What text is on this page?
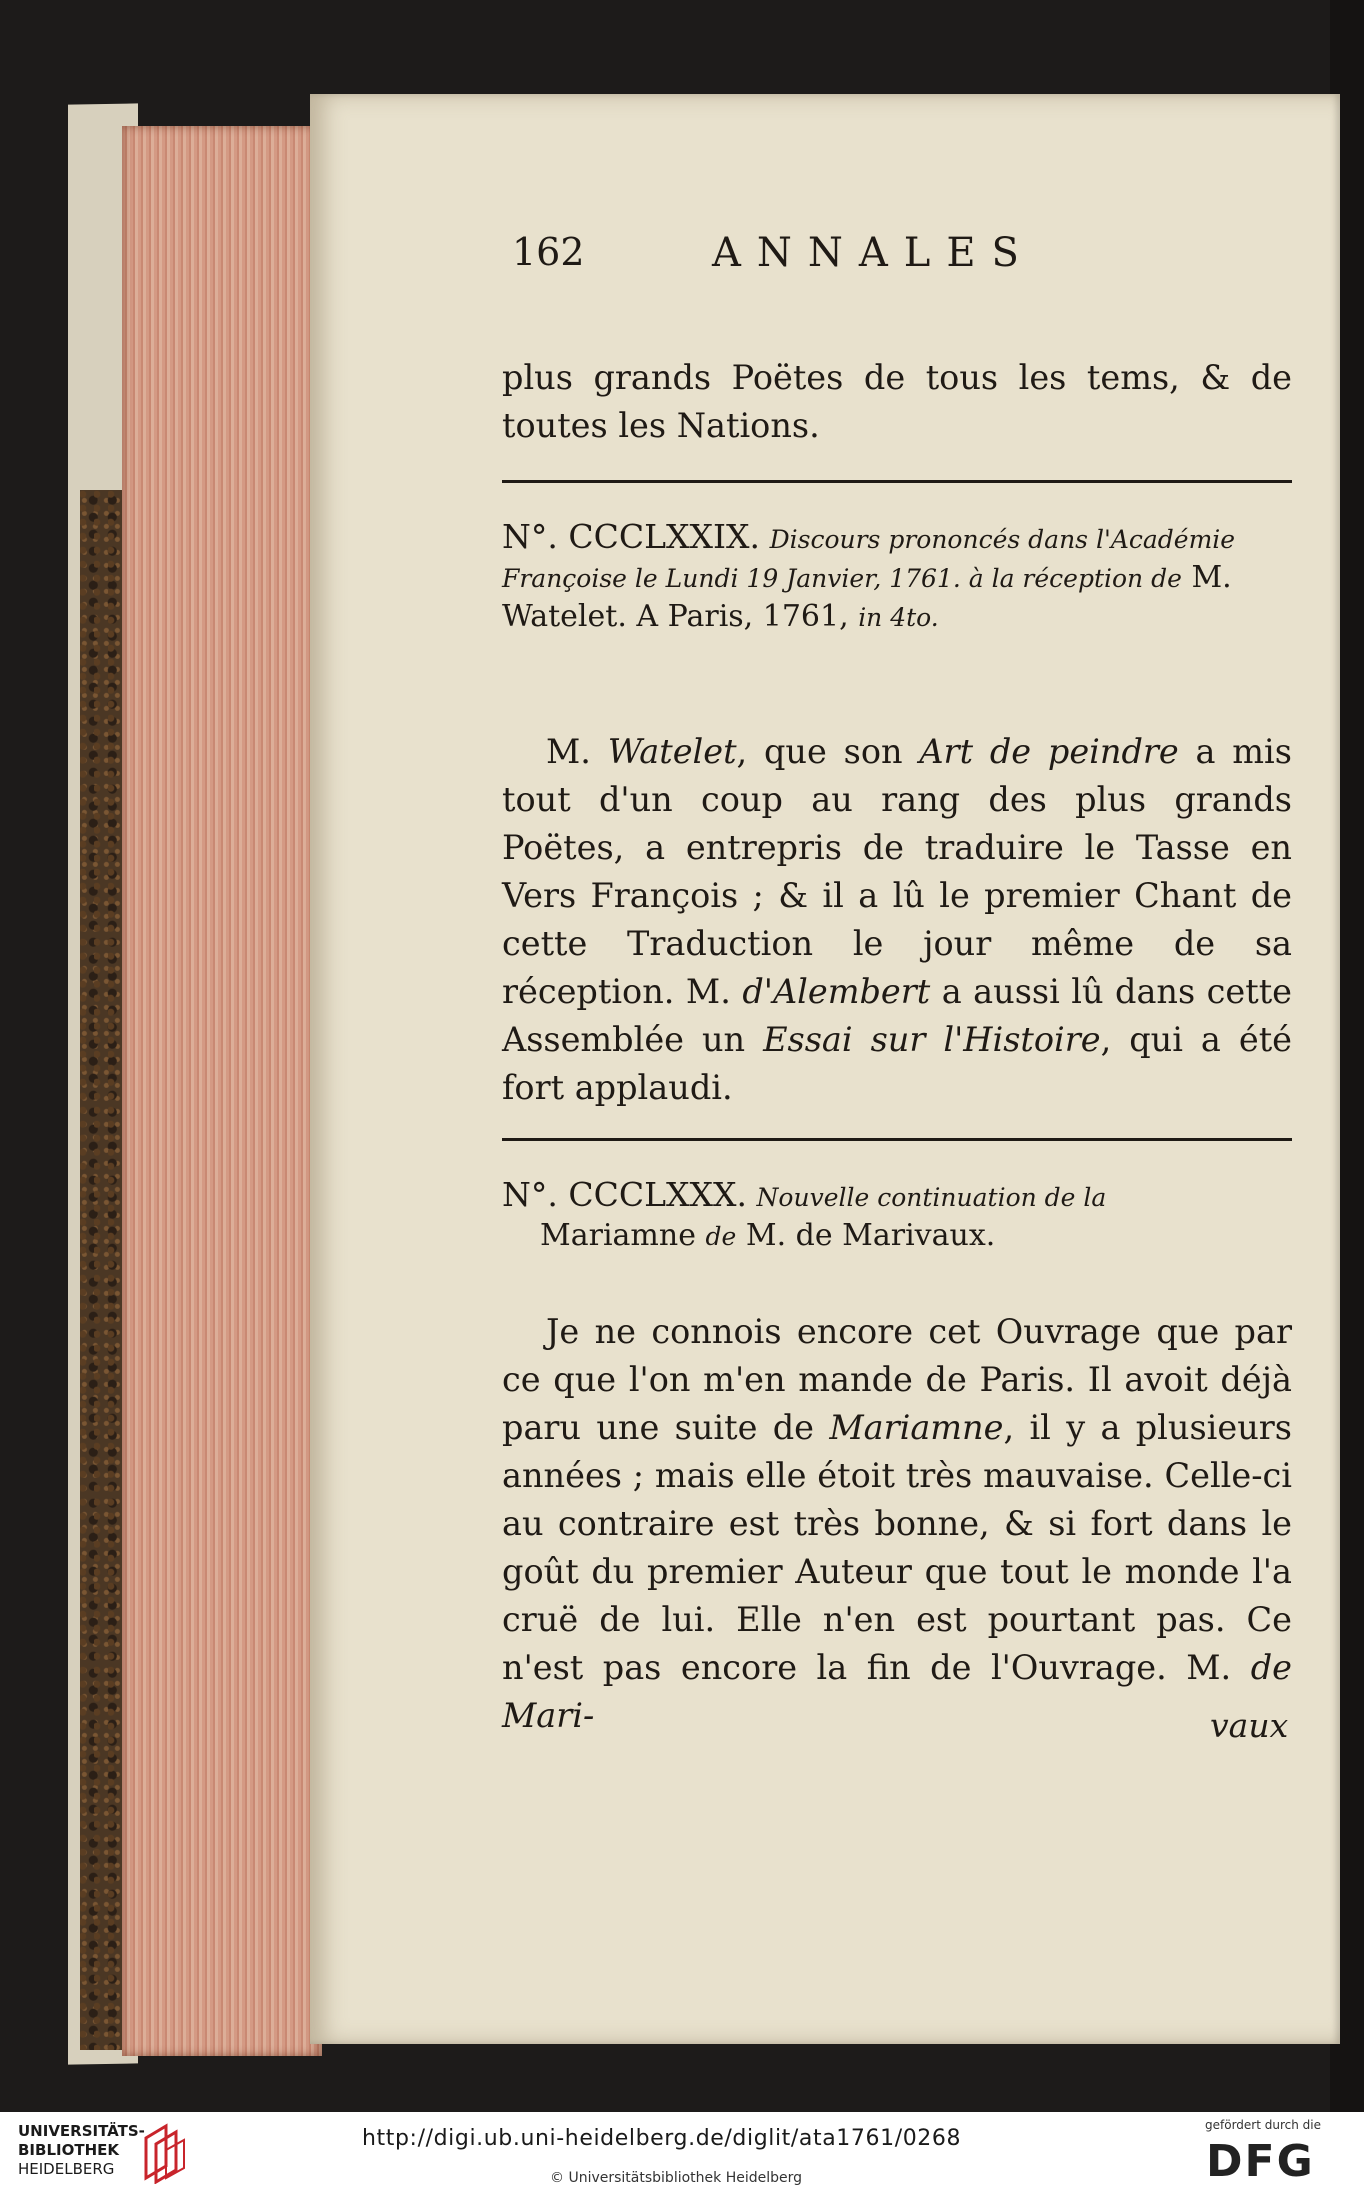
162	ANNALES

plus grands Poëtes de tous les tems, & de toutes les Nations.

N°. CCCLXXIX. Discours prononcés dans l'Académie Françoise le Lundi 19 Janvier, 1761. à la réception de M. Watelet. A Paris, 1761, in 4to.

M. Watelet, que son Art de peindre a mis tout d'un coup au rang des plus grands Poëtes, a entrepris de traduire le Tasse en Vers François ; & il a lû le premier Chant de cette Traduction le jour même de sa réception. M. d'Alembert a aussi lû dans cette Assemblée un Essai sur l'Histoire, qui a été fort applaudi.

N°. CCCLXXX. Nouvelle continuation de la
Mariamne de M. de Marivaux.

Je ne connois encore cet Ouvrage que par ce que l'on m'en mande de Paris. Il avoit déjà paru une suite de Mariamne, il y a plusieurs années ; mais elle étoit très mauvaise. Celle-ci au contraire est très bonne, & si fort dans le goût du premier Auteur que tout le monde l'a cruë de lui. Elle n'en est pourtant pas. Ce n'est pas encore la fin de l'Ouvrage. M. de Mari-	vaux
UNIVERSITÄTS-
BIBLIOTHEK
HEIDELBERG
http://digi.ub.uni-heidelberg.de/diglit/ata1761/0268
© Universitätsbibliothek Heidelberg
gefördert durch die
DFG
